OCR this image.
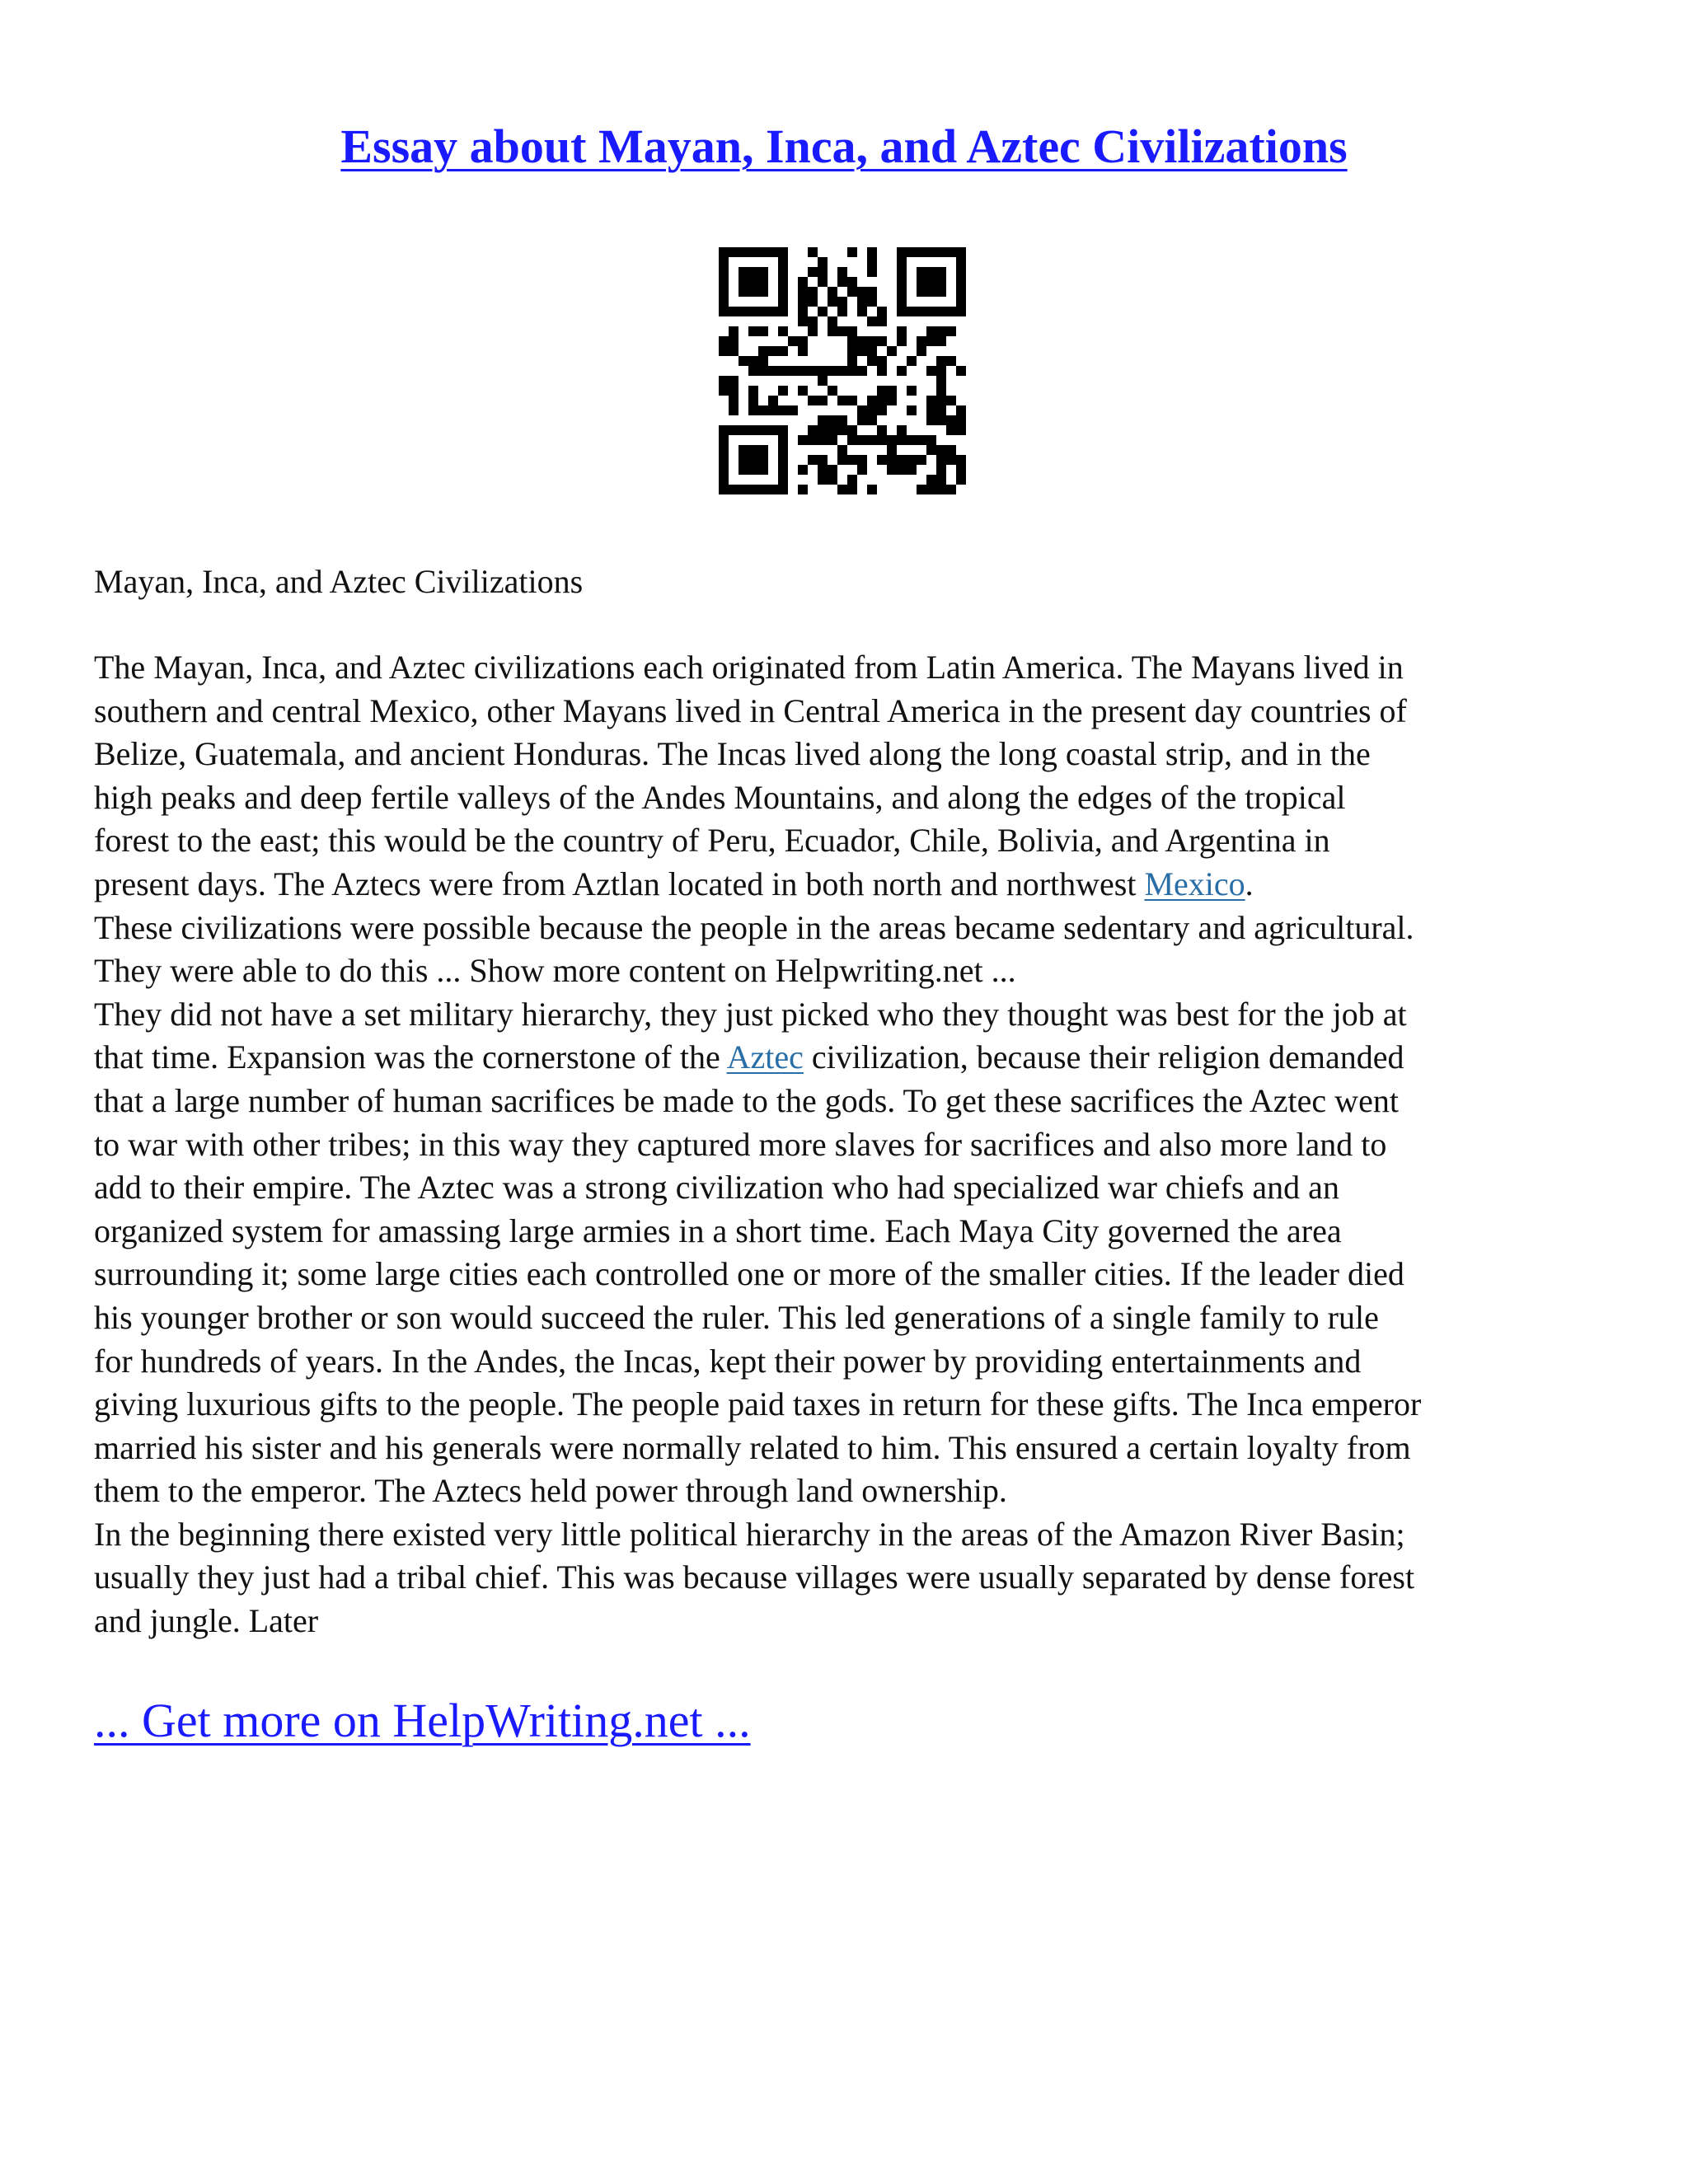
Essay about Mayan, Inca, and Aztec Civilizations
Mayan, Inca, and Aztec Civilizations

The Mayan, Inca, and Aztec civilizations each originated from Latin America. The Mayans lived in
southern and central Mexico, other Mayans lived in Central America in the present day countries of
Belize, Guatemala, and ancient Honduras. The Incas lived along the long coastal strip, and in the
high peaks and deep fertile valleys of the Andes Mountains, and along the edges of the tropical
forest to the east; this would be the country of Peru, Ecuador, Chile, Bolivia, and Argentina in
present days. The Aztecs were from Aztlan located in both north and northwest Mexico.

These civilizations were possible because the people in the areas became sedentary and agricultural.
They were able to do this ... Show more content on Helpwriting.net ...

They did not have a set military hierarchy, they just picked who they thought was best for the job at
that time. Expansion was the cornerstone of the Aztec civilization, because their religion demanded
that a large number of human sacrifices be made to the gods. To get these sacrifices the Aztec went
to war with other tribes; in this way they captured more slaves for sacrifices and also more land to
add to their empire. The Aztec was a strong civilization who had specialized war chiefs and an
organized system for amassing large armies in a short time. Each Maya City governed the area
surrounding it; some large cities each controlled one or more of the smaller cities. If the leader died
his younger brother or son would succeed the ruler. This led generations of a single family to rule
for hundreds of years. In the Andes, the Incas, kept their power by providing entertainments and
giving luxurious gifts to the people. The people paid taxes in return for these gifts. The Inca emperor
married his sister and his generals were normally related to him. This ensured a certain loyalty from
them to the emperor. The Aztecs held power through land ownership.

In the beginning there existed very little political hierarchy in the areas of the Amazon River Basin;
usually they just had a tribal chief. This was because villages were usually separated by dense forest
and jungle. Later

... Get more on HelpWriting.net ...
